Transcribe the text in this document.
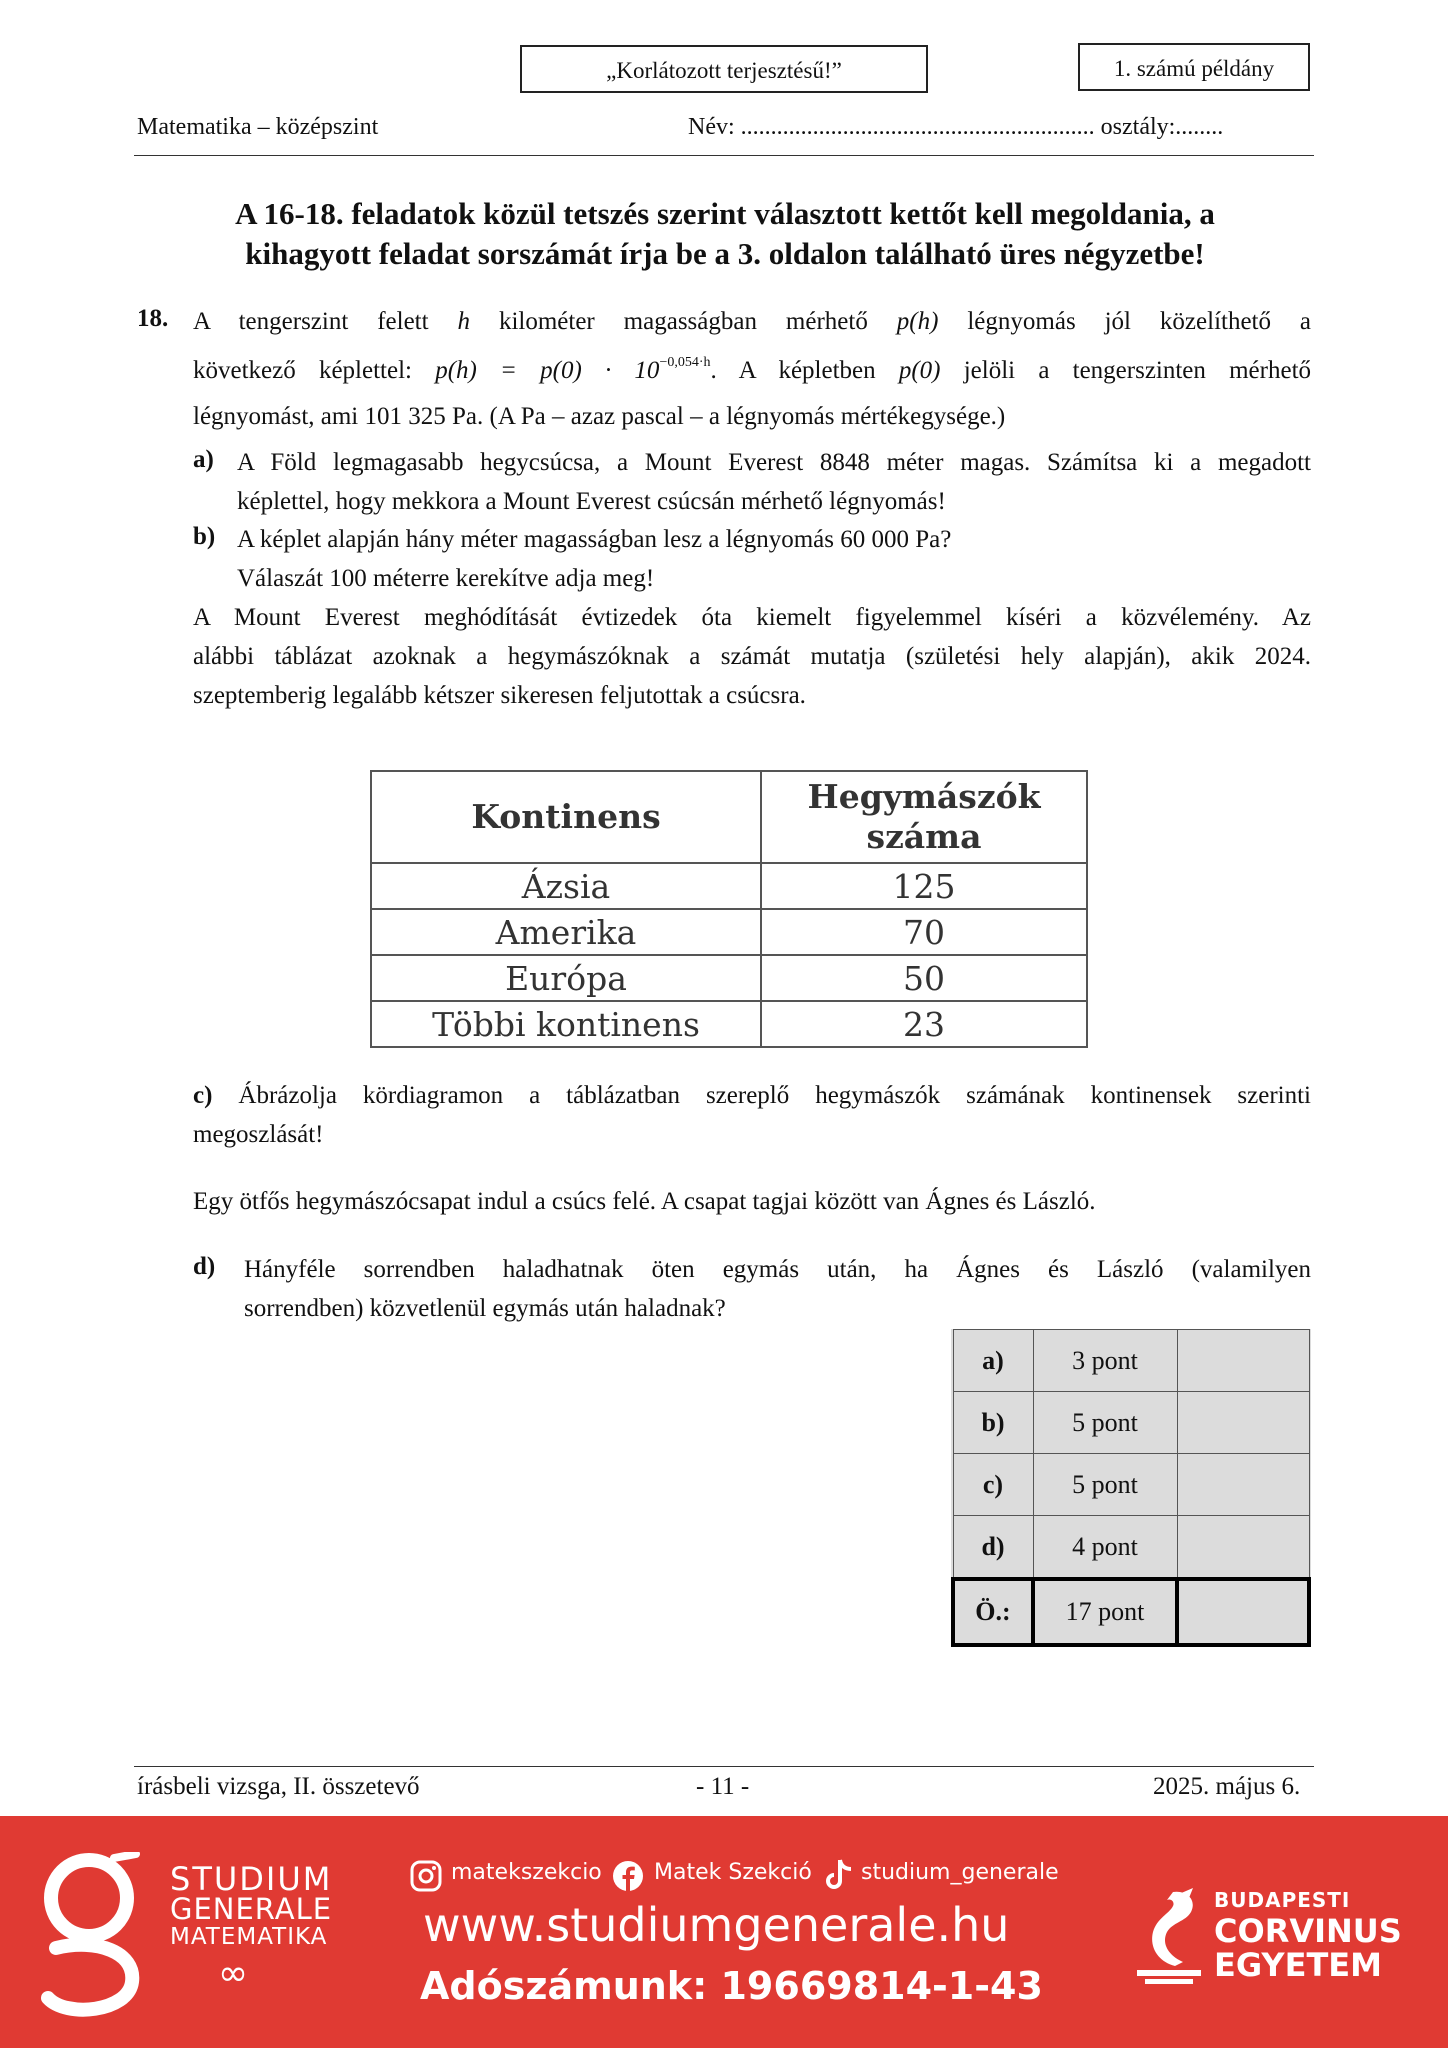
„Korlátozott terjesztésű!”	1. számú példány
Matematika – középszint	Név: ........................................................... osztály:........
A 16-18. feladatok közül tetszés szerint választott kettőt kell megoldania, a
kihagyott feladat sorszámát írja be a 3. oldalon található üres négyzetbe!
18. A tengerszint felett h kilométer magasságban mérhető p(h) légnyomás jól közelíthető a
következő képlettel: $p(h) = p(0) \cdot 10^{-0,054\cdot h}$. A képletben p(0) jelöli a tengerszinten mérhető
légnyomást, ami 101 325 Pa. (A Pa – azaz pascal – a légnyomás mértékegysége.)
a) A Föld legmagasabb hegycsúcsa, a Mount Everest 8848 méter magas. Számítsa ki a megadott
képlettel, hogy mekkora a Mount Everest csúcsán mérhető légnyomás!
b) A képlet alapján hány méter magasságban lesz a légnyomás 60 000 Pa?
Válaszát 100 méterre kerekítve adja meg!
A Mount Everest meghódítását évtizedek óta kiemelt figyelemmel kíséri a közvélemény. Az
alábbi táblázat azoknak a hegymászóknak a számát mutatja (születési hely alapján), akik 2024.
szeptemberig legalább kétszer sikeresen feljutottak a csúcsra.
Kontinens	Hegymászók
száma
Ázsia	125
Amerika	70
Európa	50
Többi kontinens	23
c) Ábrázolja kördiagramon a táblázatban szereplő hegymászók számának kontinensek szerinti
megoszlását!
Egy ötfős hegymászócsapat indul a csúcs felé. A csapat tagjai között van Ágnes és László.
d) Hányféle sorrendben haladhatnak öten egymás után, ha Ágnes és László (valamilyen
sorrendben) közvetlenül egymás után haladnak?
a)	3 pont	
b)	5 pont	
c)	5 pont	
d)	4 pont	
Ö.:	17 pont	
írásbeli vizsga, II. összetevő	- 11 -	2025. május 6.
STUDIUM
GENERALE
MATEMATIKA
∞
matekszekcio Matek Szekció studium_generale
www.studiumgenerale.hu
Adószámunk: 19669814-1-43
BUDAPESTI
CORVINUS
EGYETEM
